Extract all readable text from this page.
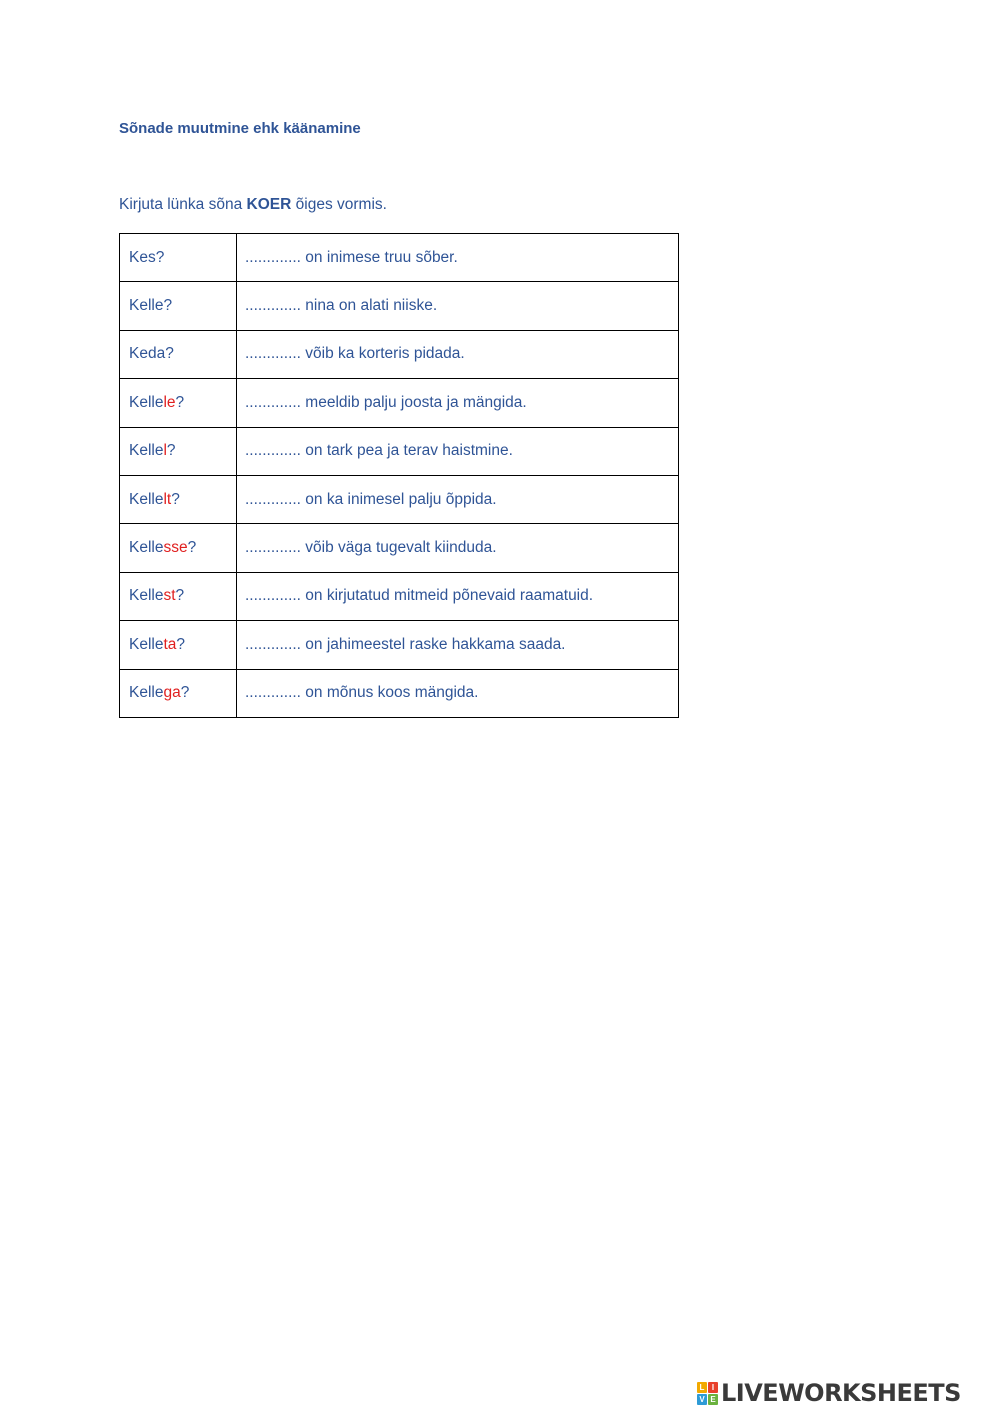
Sõnade muutmine ehk käänamine
Kirjuta lünka sõna KOER õiges vormis.
Kes?	............. on inimese truu sõber.
Kelle?	............. nina on alati niiske.
Keda?	............. võib ka korteris pidada.
Kellele?	............. meeldib palju joosta ja mängida.
Kellel?	............. on tark pea ja terav haistmine.
Kellelt?	............. on ka inimesel palju õppida.
Kellesse?	............. võib väga tugevalt kiinduda.
Kellest?	............. on kirjutatud mitmeid põnevaid raamatuid.
Kelleta?	............. on jahimeestel raske hakkama saada.
Kellega?	............. on mõnus koos mängida.
L I
V E LIVEWORKSHEETS
